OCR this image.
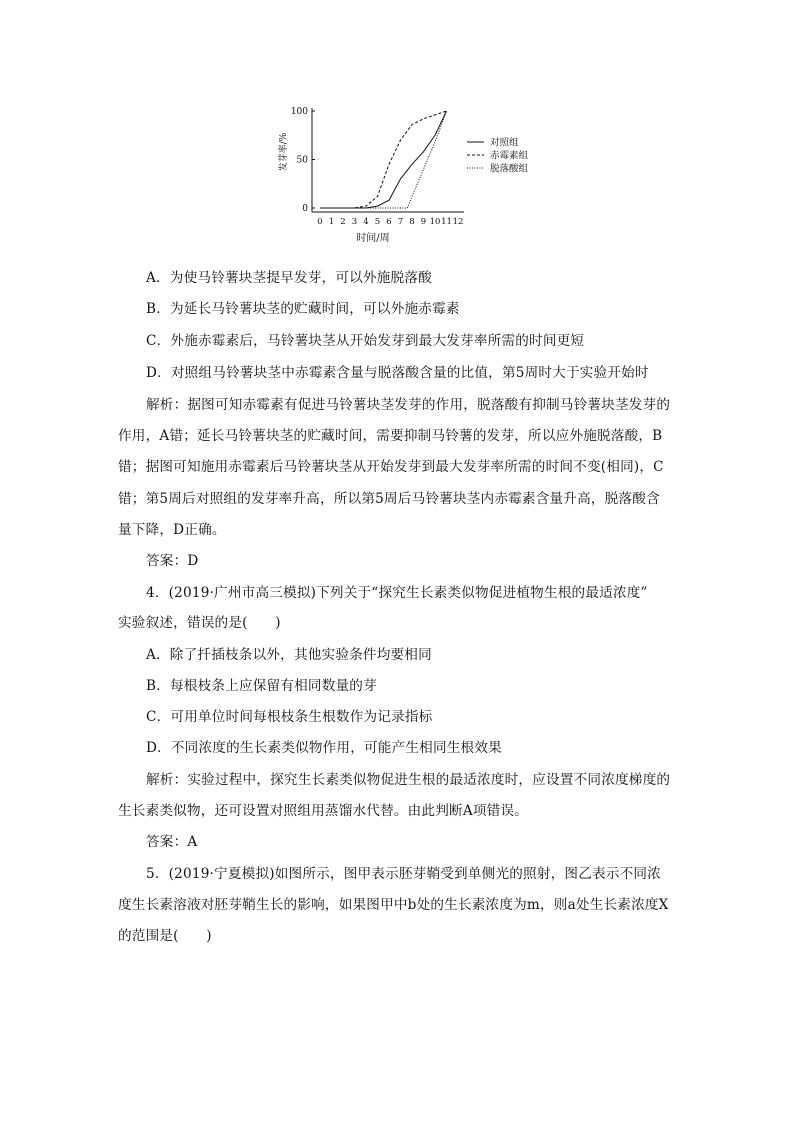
0
50
100
0 1 2 3 4 5 6 7 8 9 10 11 12
对照组
赤霉素组
脱落酸组
发芽率/%
时间/周
A．为使马铃薯块茎提早发芽，可以外施脱落酸
B．为延长马铃薯块茎的贮藏时间，可以外施赤霉素
C．外施赤霉素后，马铃薯块茎从开始发芽到最大发芽率所需的时间更短
D．对照组马铃薯块茎中赤霉素含量与脱落酸含量的比值，第5周时大于实验开始时
解析：据图可知赤霉素有促进马铃薯块茎发芽的作用，脱落酸有抑制马铃薯块茎发芽的
作用，A错；延长马铃薯块茎的贮藏时间，需要抑制马铃薯的发芽，所以应外施脱落酸，B
错；据图可知施用赤霉素后马铃薯块茎从开始发芽到最大发芽率所需的时间不变(相同)，C
错；第5周后对照组的发芽率升高，所以第5周后马铃薯块茎内赤霉素含量升高，脱落酸含
量下降，D正确。
答案：D
4．(2019·广州市高三模拟)下列关于“探究生长素类似物促进植物生根的最适浓度”
实验叙述，错误的是(　　)
A．除了扦插枝条以外，其他实验条件均要相同
B．每根枝条上应保留有相同数量的芽
C．可用单位时间每根枝条生根数作为记录指标
D．不同浓度的生长素类似物作用，可能产生相同生根效果
解析：实验过程中，探究生长素类似物促进生根的最适浓度时，应设置不同浓度梯度的
生长素类似物，还可设置对照组用蒸馏水代替。由此判断A项错误。
答案：A
5．(2019·宁夏模拟)如图所示，图甲表示胚芽鞘受到单侧光的照射，图乙表示不同浓
度生长素溶液对胚芽鞘生长的影响，如果图甲中b处的生长素浓度为m，则a处生长素浓度X
的范围是(　　)
